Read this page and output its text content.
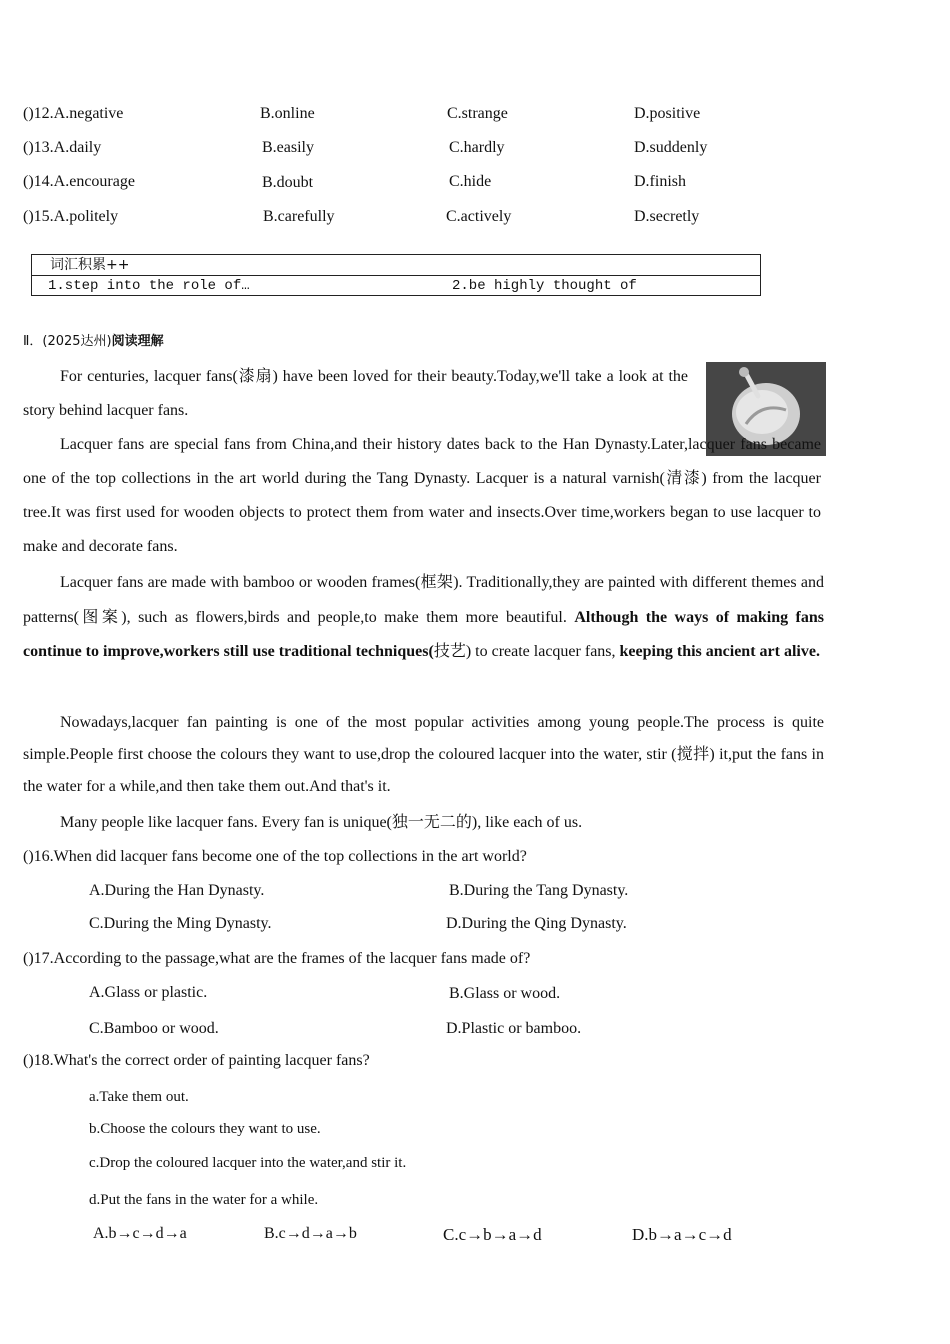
()12.A.negative	B.online	C.strange	D.positive
()13.A.daily	B.easily	C.hardly	D.suddenly
()14.A.encourage	B.doubt	C.hide	D.finish
()15.A.politely	B.carefully	C.actively	D.secretly
词汇积累++
1.step into the role of…	2.be highly thought of
Ⅱ．(2025达州)阅读理解

For centuries, lacquer fans(漆扇) have been loved for their beauty.Today,we'll take a look at the story behind lacquer fans.

Lacquer fans are special fans from China,and their history dates back to the Han Dynasty.Later,lacquer fans became one of the top collections in the art world during the Tang Dynasty. Lacquer is a natural varnish(清漆) from the lacquer tree.It was first used for wooden objects to protect them from water and insects.Over time,workers began to use lacquer to make and decorate fans.

Lacquer fans are made with bamboo or wooden frames(框架). Traditionally,they are painted with different themes and patterns(图案), such as flowers,birds and people,to make them more beautiful. Although the ways of making fans continue to improve,workers still use traditional techniques(技艺) to create lacquer fans, keeping this ancient art alive.

Nowadays,lacquer fan painting is one of the most popular activities among young people.The process is quite simple.People first choose the colours they want to use,drop the coloured lacquer into the water, stir (搅拌) it,put the fans in the water for a while,and then take them out.And that's it.

Many people like lacquer fans. Every fan is unique(独一无二的), like each of us.

()16.When did lacquer fans become one of the top collections in the art world?
A.During the Han Dynasty.	B.During the Tang Dynasty.
C.During the Ming Dynasty.	D.During the Qing Dynasty.
()17.According to the passage,what are the frames of the lacquer fans made of?
A.Glass or plastic.	B.Glass or wood.
C.Bamboo or wood.	D.Plastic or bamboo.
()18.What's the correct order of painting lacquer fans?
a.Take them out.
b.Choose the colours they want to use.
c.Drop the coloured lacquer into the water,and stir it.
d.Put the fans in the water for a while.
A.b→c→d→a	B.c→d→a→b	C.c→b→a→d	D.b→a→c→d
